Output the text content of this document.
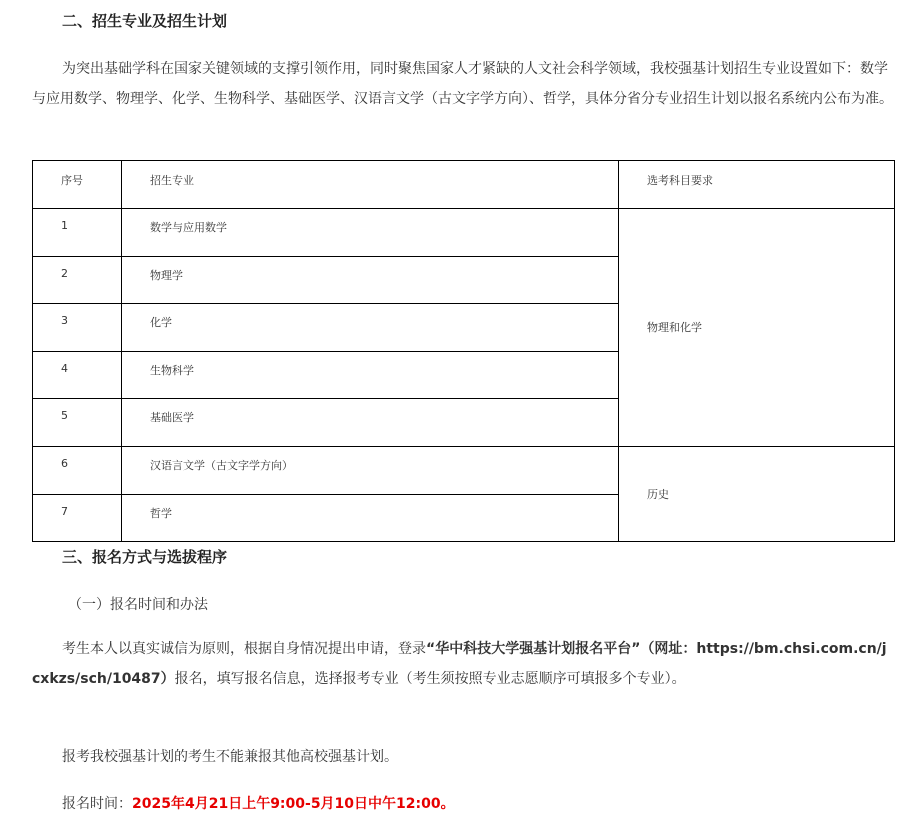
二、招生专业及招生计划

为突出基础学科在国家关键领域的支撑引领作用，同时聚焦国家人才紧缺的人文社会科学领域，我校强基计划招生专业设置如下：数学与应用数学、物理学、化学、生物科学、基础医学、汉语言文学（古文字学方向）、哲学，具体分省分专业招生计划以报名系统内公布为准。

序号	招生专业	选考科目要求
1	数学与应用数学	物理和化学
2	物理学	
3	化学	
4	生物科学	
5	基础医学	
6	汉语言文学（古文字学方向）	历史
7	哲学	
三、报名方式与选拔程序
（一）报名时间和办法

考生本人以真实诚信为原则，根据自身情况提出申请，登录“华中科技大学强基计划报名平台”（网址：https://bm.chsi.com.cn/jcxkzs/sch/10487）报名，填写报名信息，选择报考专业（考生须按照专业志愿顺序可填报多个专业）。

报考我校强基计划的考生不能兼报其他高校强基计划。

报名时间：2025年4月21日上午9:00-5月10日中午12:00。
